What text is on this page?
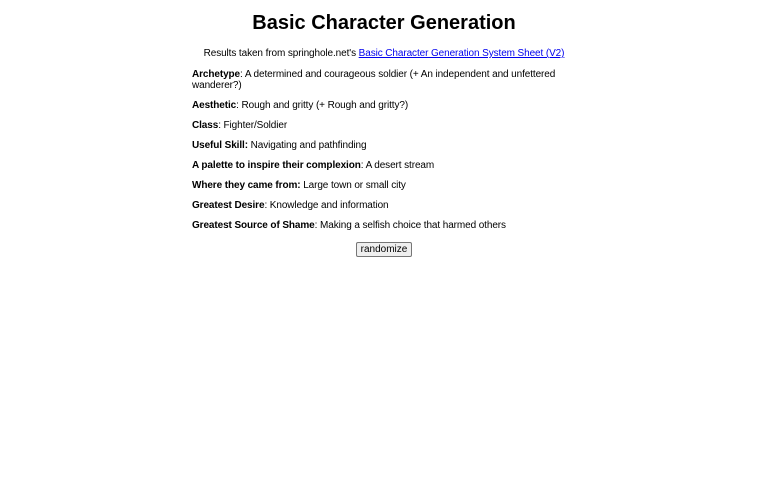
Basic Character Generation

Results taken from springhole.net's Basic Character Generation System Sheet (V2)

Archetype: A determined and courageous soldier (+ An independent and unfettered wanderer?)

Aesthetic: Rough and gritty (+ Rough and gritty?)

Class: Fighter/Soldier

Useful Skill: Navigating and pathfinding

A palette to inspire their complexion: A desert stream

Where they came from: Large town or small city

Greatest Desire: Knowledge and information

Greatest Source of Shame: Making a selfish choice that harmed others

randomize
